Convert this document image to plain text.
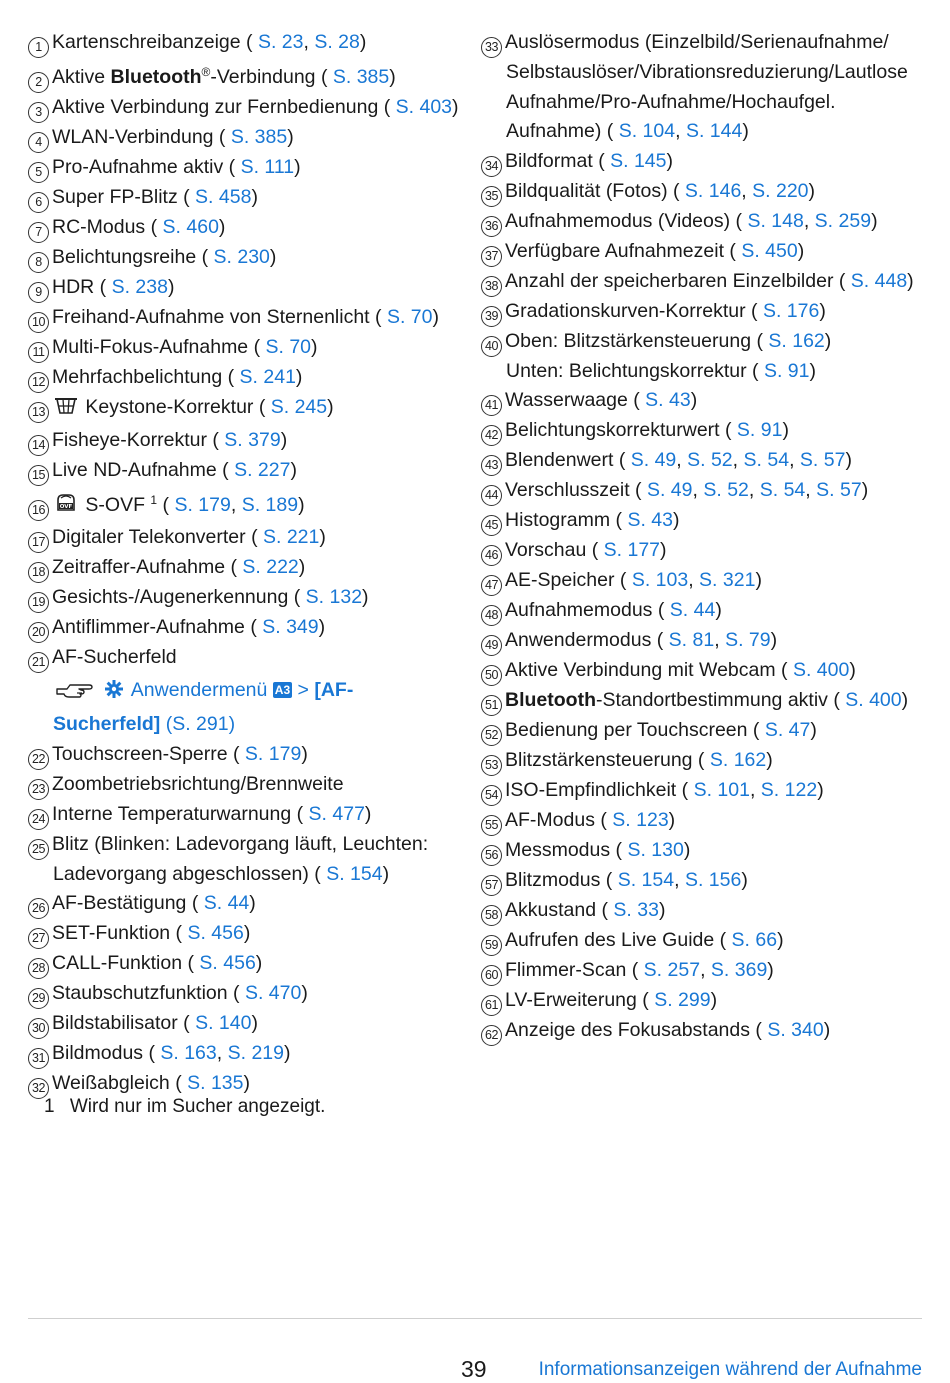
1 Kartenschreibanzeige ( S. 23, S. 28)
2 Aktive Bluetooth®-Verbindung ( S. 385)
3 Aktive Verbindung zur Fernbedienung ( S. 403)
4 WLAN-Verbindung ( S. 385)
5 Pro-Aufnahme aktiv ( S. 111)
6 Super FP-Blitz ( S. 458)
7 RC-Modus ( S. 460)
8 Belichtungsreihe ( S. 230)
9 HDR ( S. 238)
10 Freihand-Aufnahme von Sternenlicht ( S. 70)
11 Multi-Fokus-Aufnahme ( S. 70)
12 Mehrfachbelichtung ( S. 241)
13 Keystone-Korrektur ( S. 245)
14 Fisheye-Korrektur ( S. 379)
15 Live ND-Aufnahme ( S. 227)
16	OVF S-OVF $^1$ ( S. 179, S. 189)
17 Digitaler Telekonverter ( S. 221)
18 Zeitraffer-Aufnahme ( S. 222)
19 Gesichts-/Augenerkennung ( S. 132)
20 Antiflimmer-Aufnahme ( S. 349)
21 AF-Sucherfeld
Anwendermenü A3 > [AF-
Sucherfeld] (S. 291)
22 Touchscreen-Sperre ( S. 179)
23 Zoombetriebsrichtung/Brennweite
24 Interne Temperaturwarnung ( S. 477)
25 Blitz (Blinken: Ladevorgang läuft, Leuchten:
Ladevorgang abgeschlossen) ( S. 154)
26 AF-Bestätigung ( S. 44)
27 SET-Funktion ( S. 456)
28 CALL-Funktion ( S. 456)
29 Staubschutzfunktion ( S. 470)
30 Bildstabilisator ( S. 140)
31 Bildmodus ( S. 163, S. 219)
32 Weißabgleich ( S. 135)
33 Auslösermodus (Einzelbild/Serienaufnahme/
Selbstauslöser/Vibrationsreduzierung/Lautlose
Aufnahme/Pro-Aufnahme/Hochaufgel.
Aufnahme) ( S. 104, S. 144)
34 Bildformat ( S. 145)
35 Bildqualität (Fotos) ( S. 146, S. 220)
36 Aufnahmemodus (Videos) ( S. 148, S. 259)
37 Verfügbare Aufnahmezeit ( S. 450)
38 Anzahl der speicherbaren Einzelbilder ( S. 448)
39 Gradationskurven-Korrektur ( S. 176)
40 Oben: Blitzstärkensteuerung ( S. 162)
Unten: Belichtungskorrektur ( S. 91)
41 Wasserwaage ( S. 43)
42 Belichtungskorrekturwert ( S. 91)
43 Blendenwert ( S. 49, S. 52, S. 54, S. 57)
44 Verschlusszeit ( S. 49, S. 52, S. 54, S. 57)
45 Histogramm ( S. 43)
46 Vorschau ( S. 177)
47 AE-Speicher ( S. 103, S. 321)
48 Aufnahmemodus ( S. 44)
49 Anwendermodus ( S. 81, S. 79)
50 Aktive Verbindung mit Webcam ( S. 400)
51 Bluetooth-Standortbestimmung aktiv ( S. 400)
52 Bedienung per Touchscreen ( S. 47)
53 Blitzstärkensteuerung ( S. 162)
54 ISO-Empfindlichkeit ( S. 101, S. 122)
55 AF-Modus ( S. 123)
56 Messmodus ( S. 130)
57 Blitzmodus ( S. 154, S. 156)
58 Akkustand ( S. 33)
59 Aufrufen des Live Guide ( S. 66)
60 Flimmer-Scan ( S. 257, S. 369)
61 LV-Erweiterung ( S. 299)
62 Anzeige des Fokusabstands ( S. 340)
1 Wird nur im Sucher angezeigt.
39	Informationsanzeigen während der Aufnahme
